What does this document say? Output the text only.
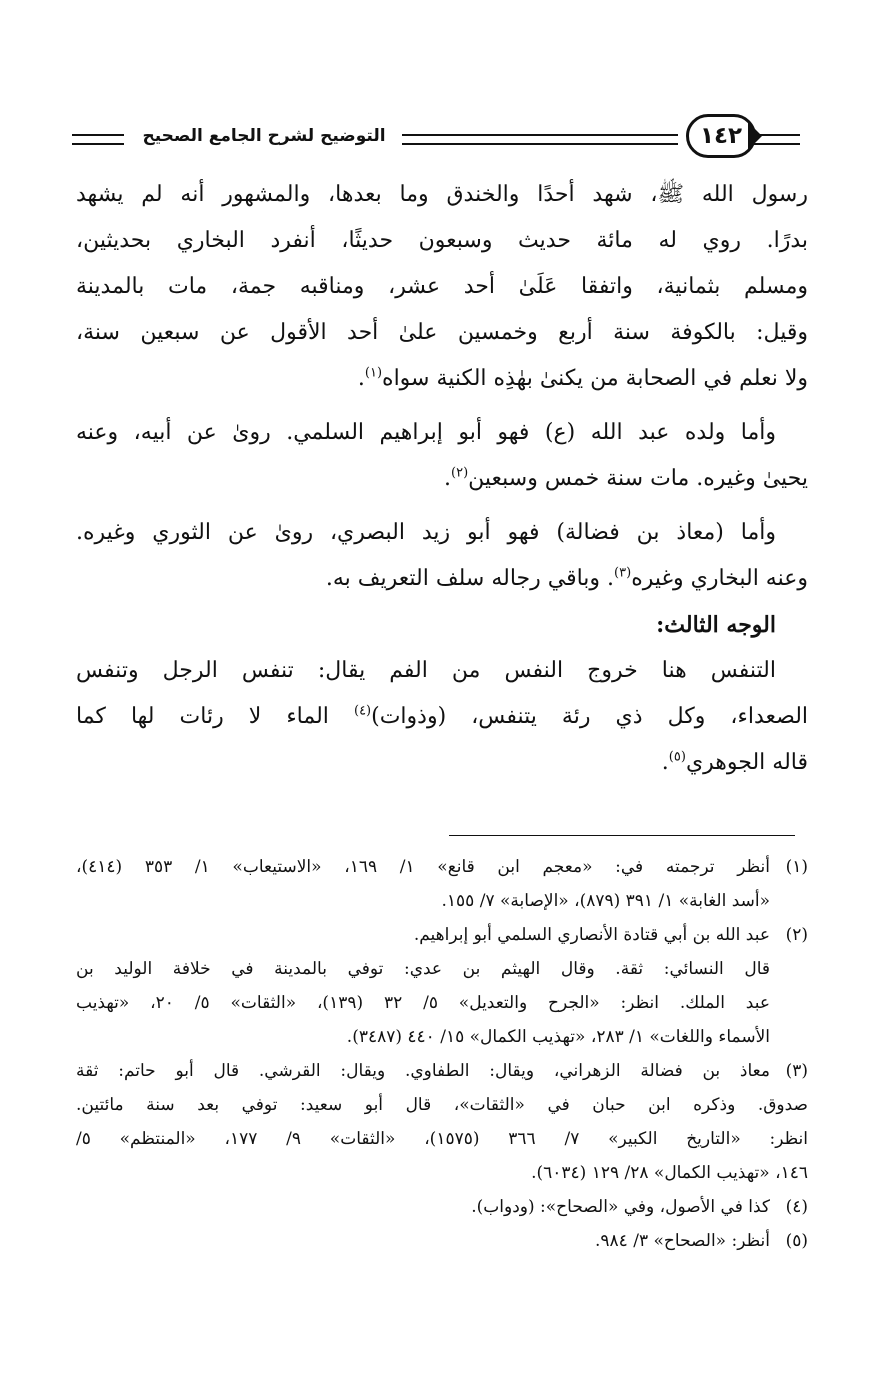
التوضيح لشرح الجامع الصحيح	١٤٢
رسول الله ﷺ، شهد أحدًا والخندق وما بعدها، والمشهور أنه لم يشهد
بدرًا. روي له مائة حديث وسبعون حديثًا، أنفرد البخاري بحديثين،
ومسلم بثمانية، واتفقا عَلَىٰ أحد عشر، ومناقبه جمة، مات بالمدينة
وقيل: بالكوفة سنة أربع وخمسين علىٰ أحد الأقول عن سبعين سنة،
ولا نعلم في الصحابة من يكنىٰ بهٰذِه الكنية سواه$^{(١)}$.
وأما ولده عبد الله (ع) فهو أبو إبراهيم السلمي. روىٰ عن أبيه، وعنه
يحيىٰ وغيره. مات سنة خمس وسبعين$^{(٢)}$.
وأما (معاذ بن فضالة) فهو أبو زيد البصري، روىٰ عن الثوري وغيره.
وعنه البخاري وغيره$^{(٣)}$. وباقي رجاله سلف التعريف به.
الوجه الثالث:
التنفس هنا خروج النفس من الفم يقال: تنفس الرجل وتنفس
الصعداء، وكل ذي رئة يتنفس، (وذوات)$^{(٤)}$ الماء لا رئات لها كما
قاله الجوهري$^{(٥)}$.
(١)أنظر ترجمته في: «معجم ابن قانع» ١/ ١٦٩، «الاستيعاب» ١/ ٣٥٣ (٤١٤)،
«أسد الغابة» ١/ ٣٩١ (٨٧٩)، «الإصابة» ٧/ ١٥٥.
(٢)عبد الله بن أبي قتادة الأنصاري السلمي أبو إبراهيم.
قال النسائي: ثقة. وقال الهيثم بن عدي: توفي بالمدينة في خلافة الوليد بن
عبد الملك. انظر: «الجرح والتعديل» ٥/ ٣٢ (١٣٩)، «الثقات» ٥/ ٢٠، «تهذيب
الأسماء واللغات» ١/ ٢٨٣، «تهذيب الكمال» ١٥/ ٤٤٠ (٣٤٨٧).
(٣)معاذ بن فضالة الزهراني، ويقال: الطفاوي. ويقال: القرشي. قال أبو حاتم: ثقة
صدوق. وذكره ابن حبان في «الثقات»، قال أبو سعيد: توفي بعد سنة مائتين.
انظر: «التاريخ الكبير» ٧/ ٣٦٦ (١٥٧٥)، «الثقات» ٩/ ١٧٧، «المنتظم» ٥/
١٤٦، «تهذيب الكمال» ٢٨/ ١٢٩ (٦٠٣٤).
(٤)كذا في الأصول، وفي «الصحاح»: (ودواب).
(٥)أنظر: «الصحاح» ٣/ ٩٨٤.
